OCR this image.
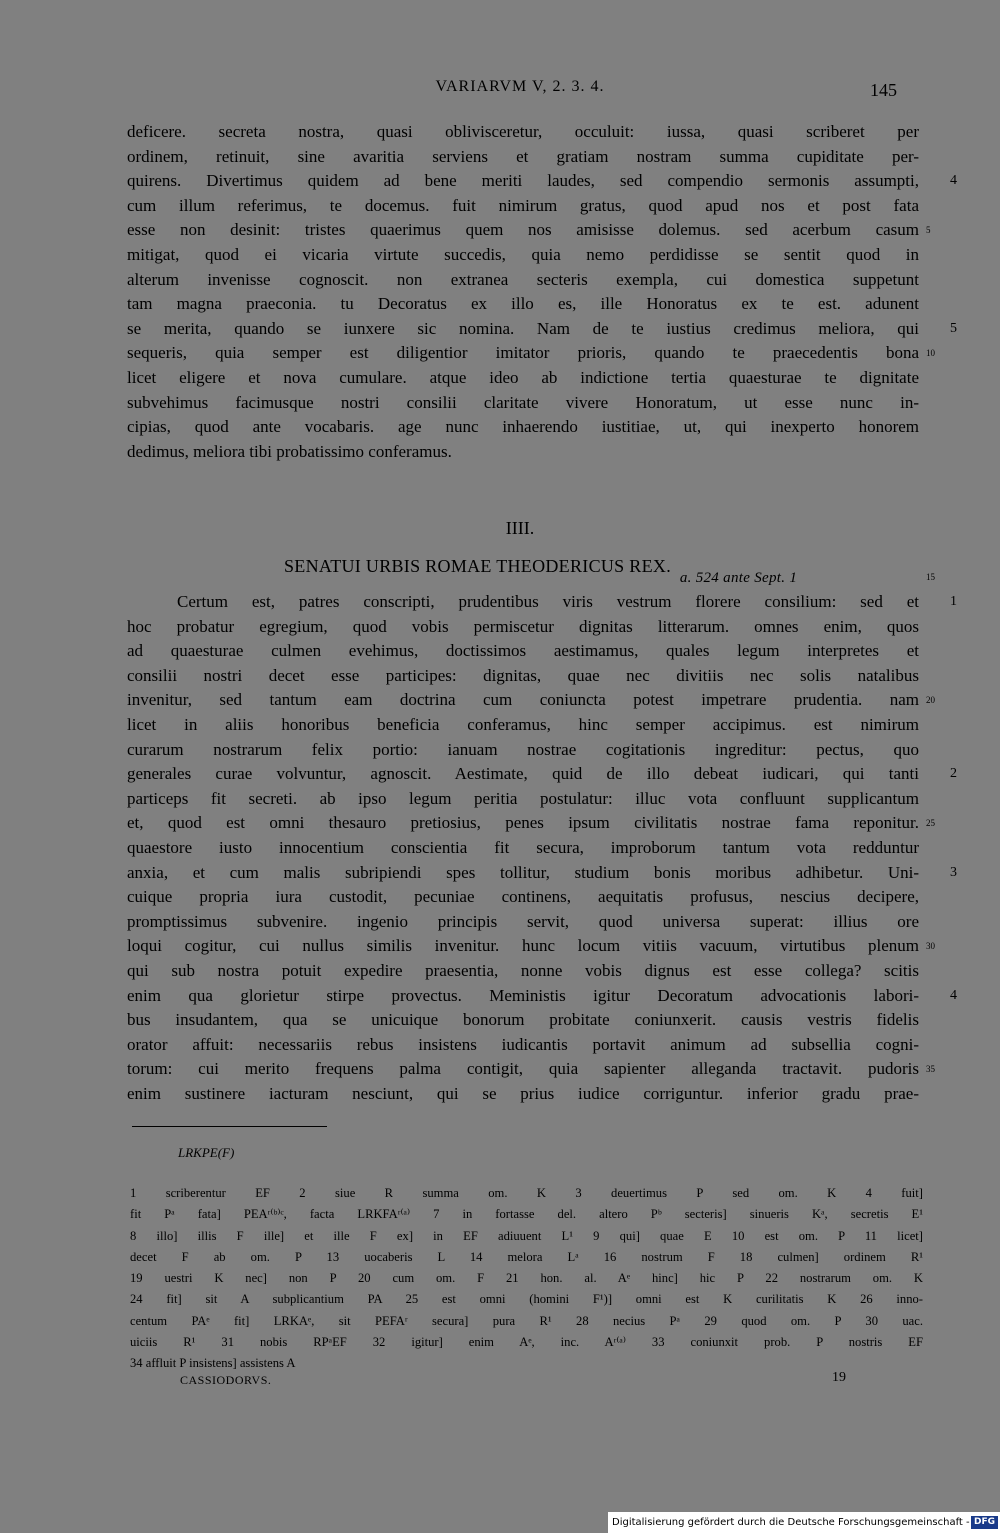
VARIARVM V, 2. 3. 4.	145
deficere. secreta nostra, quasi oblivisceretur, occuluit: iussa, quasi scriberet per
ordinem, retinuit, sine avaritia serviens et gratiam nostram summa cupiditate per-
quirens. Divertimus quidem ad bene meriti laudes, sed compendio sermonis assumpti,
cum illum referimus, te docemus. fuit nimirum gratus, quod apud nos et post fata
esse non desinit: tristes quaerimus quem nos amisisse dolemus. sed acerbum casum
mitigat, quod ei vicaria virtute succedis, quia nemo perdidisse se sentit quod in
alterum invenisse cognoscit. non extranea secteris exempla, cui domestica suppetunt
tam magna praeconia. tu Decoratus ex illo es, ille Honoratus ex te est. adunent
se merita, quando se iunxere sic nomina. Nam de te iustius credimus meliora, qui
sequeris, quia semper est diligentior imitator prioris, quando te praecedentis bona
licet eligere et nova cumulare. atque ideo ab indictione tertia quaesturae te dignitate
subvehimus facimusque nostri consilii claritate vivere Honoratum, ut esse nunc in-
cipias, quod ante vocabaris. age nunc inhaerendo iustitiae, ut, qui inexperto honorem
dedimus, meliora tibi probatissimo conferamus.
4
5
5
10
IIII.
SENATUI URBIS ROMAE THEODERICUS REX. $_{a. 524 ante Sept. 1}$
Certum est, patres conscripti, prudentibus viris vestrum florere consilium: sed et
hoc probatur egregium, quod vobis permiscetur dignitas litterarum. omnes enim, quos
ad quaesturae culmen evehimus, doctissimos aestimamus, quales legum interpretes et
consilii nostri decet esse participes: dignitas, quae nec divitiis nec solis natalibus
invenitur, sed tantum eam doctrina cum coniuncta potest impetrare prudentia. nam
licet in aliis honoribus beneficia conferamus, hinc semper accipimus. est nimirum
curarum nostrarum felix portio: ianuam nostrae cogitationis ingreditur: pectus, quo
generales curae volvuntur, agnoscit. Aestimate, quid de illo debeat iudicari, qui tanti
particeps fit secreti. ab ipso legum peritia postulatur: illuc vota confluunt supplicantum
et, quod est omni thesauro pretiosius, penes ipsum civilitatis nostrae fama reponitur.
quaestore iusto innocentium conscientia fit secura, improborum tantum vota redduntur
anxia, et cum malis subripiendi spes tollitur, studium bonis moribus adhibetur. Uni-
cuique propria iura custodit, pecuniae continens, aequitatis profusus, nescius decipere,
promptissimus subvenire. ingenio principis servit, quod universa superat: illius ore
loqui cogitur, cui nullus similis invenitur. hunc locum vitiis vacuum, virtutibus plenum
qui sub nostra potuit expedire praesentia, nonne vobis dignus est esse collega? scitis
enim qua glorietur stirpe provectus. Meministis igitur Decoratum advocationis labori-
bus insudantem, qua se unicuique bonorum probitate coniunxerit. causis vestris fidelis
orator affuit: necessariis rebus insistens iudicantis portavit animum ad subsellia cogni-
torum: cui merito frequens palma contigit, quia sapienter alleganda tractavit. pudoris
enim sustinere iacturam nesciunt, qui se prius iudice corriguntur. inferior gradu prae-
15
1
20
2
25
3
30
4
35
LRKPE(F)
1 scriberentur EF 2 siue R summa om. K 3 deuertimus P sed om. K 4 fuit]
fit Pᵃ fata] PEAʳ⁽ᵇ⁾ᶜ, facta LRKFAʳ⁽ᵃ⁾ 7 in fortasse del. altero Pᵇ secteris] sinueris Kᵃ, secretis E¹
8 illo] illis F ille] et ille F ex] in EF adiuuent L¹ 9 qui] quae E 10 est om. P 11 licet]
decet F ab om. P 13 uocaberis L 14 melora Lᵃ 16 nostrum F 18 culmen] ordinem R¹
19 uestri K nec] non P 20 cum om. F 21 hon. al. Aᵉ hinc] hic P 22 nostrarum om. K
24 fit] sit A subplicantium PA 25 est omni (homini F¹)] omni est K curilitatis K 26 inno-
centum PAᵉ fit] LRKAᵉ, sit PEFAʳ secura] pura R¹ 28 necius Pᵃ 29 quod om. P 30 uac.
uiciis R¹ 31 nobis RPᵃEF 32 igitur] enim Aᵉ, inc. Aʳ⁽ᵃ⁾ 33 coniunxit prob. P nostris EF
34 affluit P insistens] assistens A
CASSIODORVS.	19
Digitalisierung gefördert durch die Deutsche Forschungsgemeinschaft - DFG
